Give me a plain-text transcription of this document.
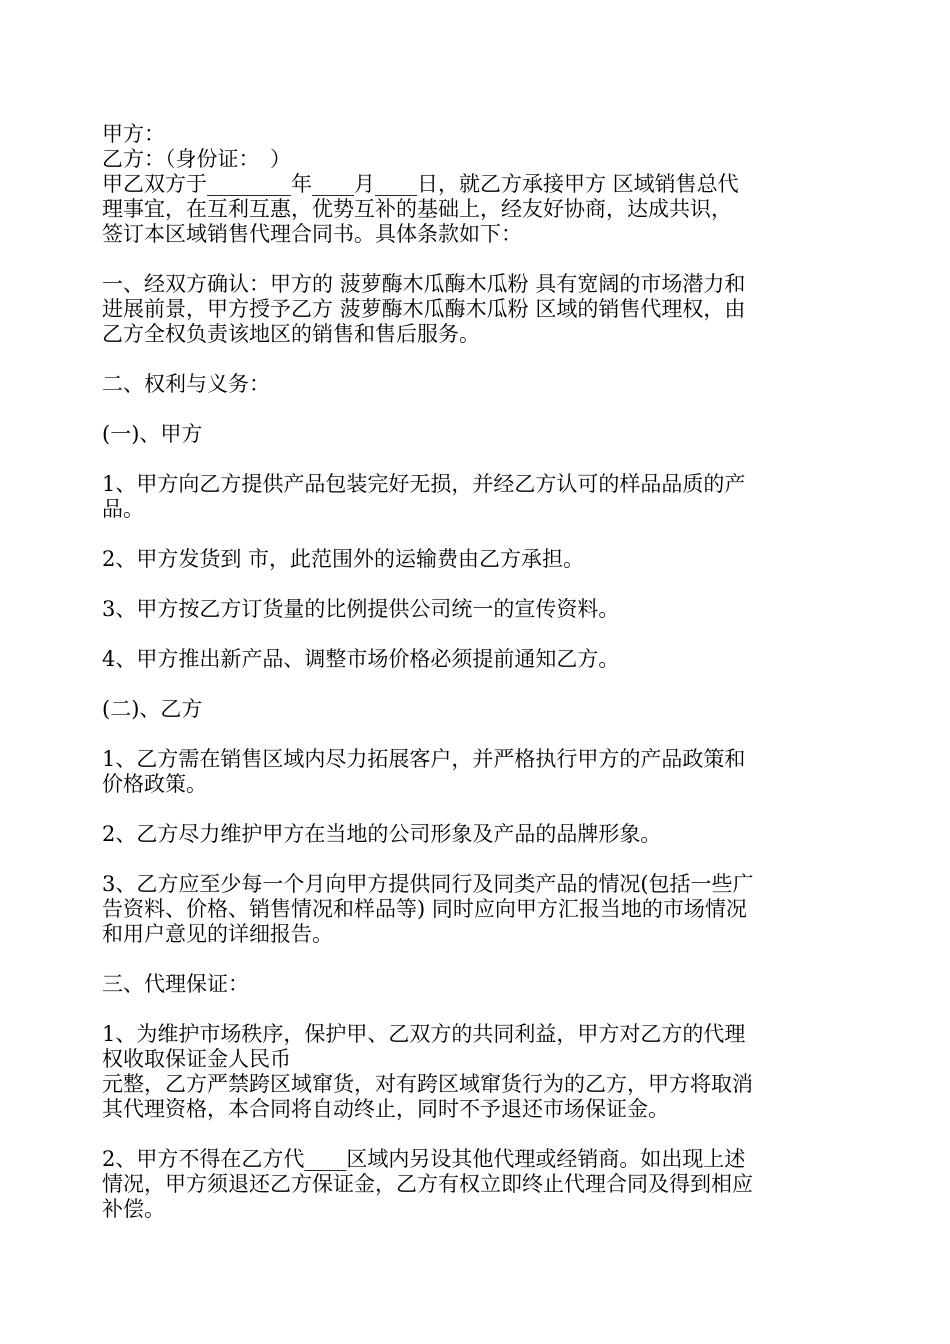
甲方：
乙方：（身份证：　）
甲乙双方于________年____月____日，就乙方承接甲方 区域销售总代
理事宜，在互利互惠，优势互补的基础上，经友好协商，达成共识，
签订本区域销售代理合同书。具体条款如下：
一、经双方确认：甲方的 菠萝酶木瓜酶木瓜粉 具有宽阔的市场潜力和
进展前景，甲方授予乙方 菠萝酶木瓜酶木瓜粉 区域的销售代理权，由
乙方全权负责该地区的销售和售后服务。
二、权利与义务：
(一)、甲方
1、甲方向乙方提供产品包装完好无损，并经乙方认可的样品品质的产
品。
2、甲方发货到 市，此范围外的运输费由乙方承担。
3、甲方按乙方订货量的比例提供公司统一的宣传资料。
4、甲方推出新产品、调整市场价格必须提前通知乙方。
(二)、乙方
1、乙方需在销售区域内尽力拓展客户，并严格执行甲方的产品政策和
价格政策。
2、乙方尽力维护甲方在当地的公司形象及产品的品牌形象。
3、乙方应至少每一个月向甲方提供同行及同类产品的情况(包括一些广
告资料、价格、销售情况和样品等) 同时应向甲方汇报当地的市场情况
和用户意见的详细报告。
三、代理保证：
1、为维护市场秩序，保护甲、乙双方的共同利益，甲方对乙方的代理
权收取保证金人民币
元整，乙方严禁跨区域窜货，对有跨区域窜货行为的乙方，甲方将取消
其代理资格，本合同将自动终止，同时不予退还市场保证金。
2、甲方不得在乙方代____区域内另设其他代理或经销商。如出现上述
情况，甲方须退还乙方保证金，乙方有权立即终止代理合同及得到相应
补偿。
